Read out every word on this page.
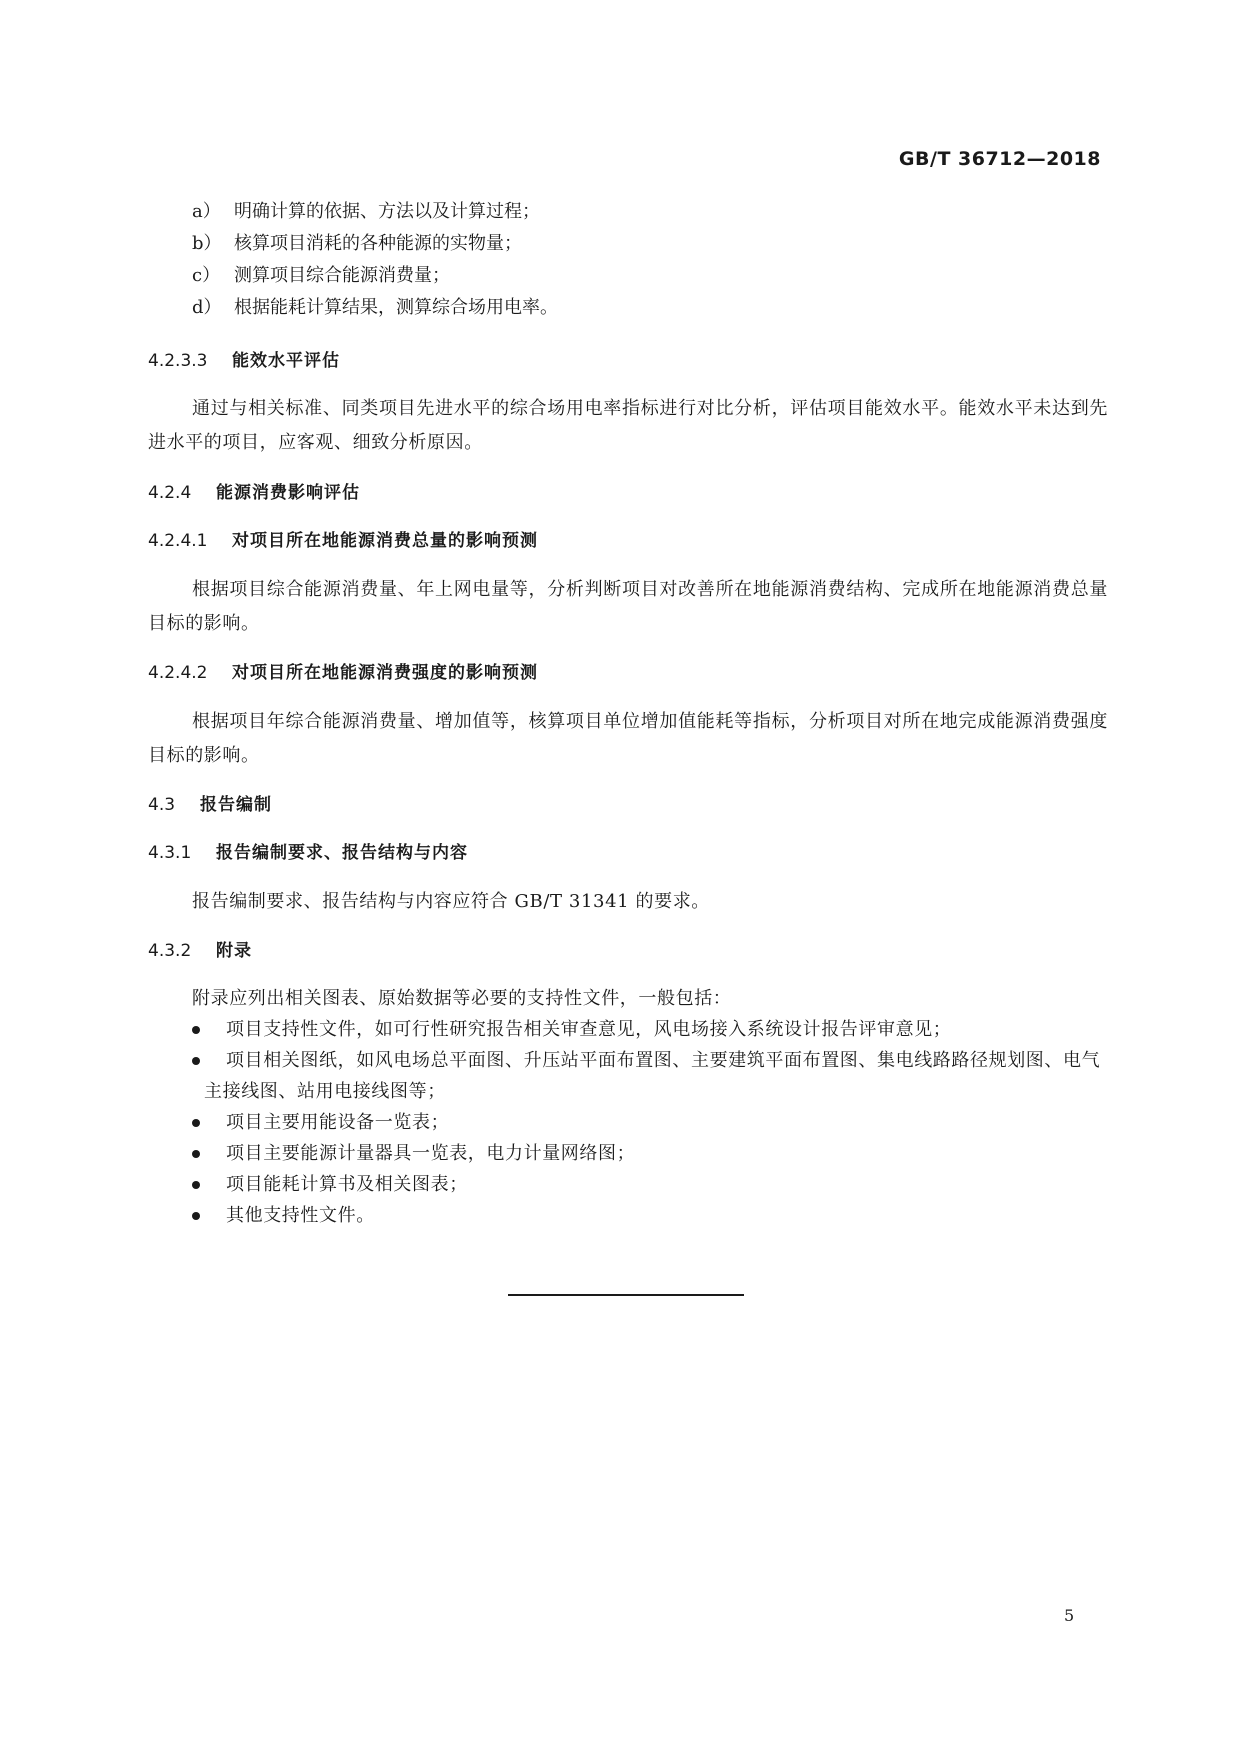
GB/T 36712—2018
a） 明确计算的依据、方法以及计算过程；
b） 核算项目消耗的各种能源的实物量；
c） 测算项目综合能源消费量；
d） 根据能耗计算结果，测算综合场用电率。
4.2.3.3 能效水平评估
通过与相关标准、同类项目先进水平的综合场用电率指标进行对比分析，评估项目能效水平。能效水平未达到先进水平的项目，应客观、细致分析原因。
4.2.4 能源消费影响评估
4.2.4.1 对项目所在地能源消费总量的影响预测
根据项目综合能源消费量、年上网电量等，分析判断项目对改善所在地能源消费结构、完成所在地能源消费总量目标的影响。
4.2.4.2 对项目所在地能源消费强度的影响预测
根据项目年综合能源消费量、增加值等，核算项目单位增加值能耗等指标，分析项目对所在地完成能源消费强度目标的影响。
4.3 报告编制
4.3.1 报告编制要求、报告结构与内容
报告编制要求、报告结构与内容应符合 GB/T 31341 的要求。
4.3.2 附录
附录应列出相关图表、原始数据等必要的支持性文件，一般包括：
项目支持性文件，如可行性研究报告相关审查意见，风电场接入系统设计报告评审意见；
项目相关图纸，如风电场总平面图、升压站平面布置图、主要建筑平面布置图、集电线路路径规划图、电气主接线图、站用电接线图等；
项目主要用能设备一览表；
项目主要能源计量器具一览表，电力计量网络图；
项目能耗计算书及相关图表；
其他支持性文件。
5
